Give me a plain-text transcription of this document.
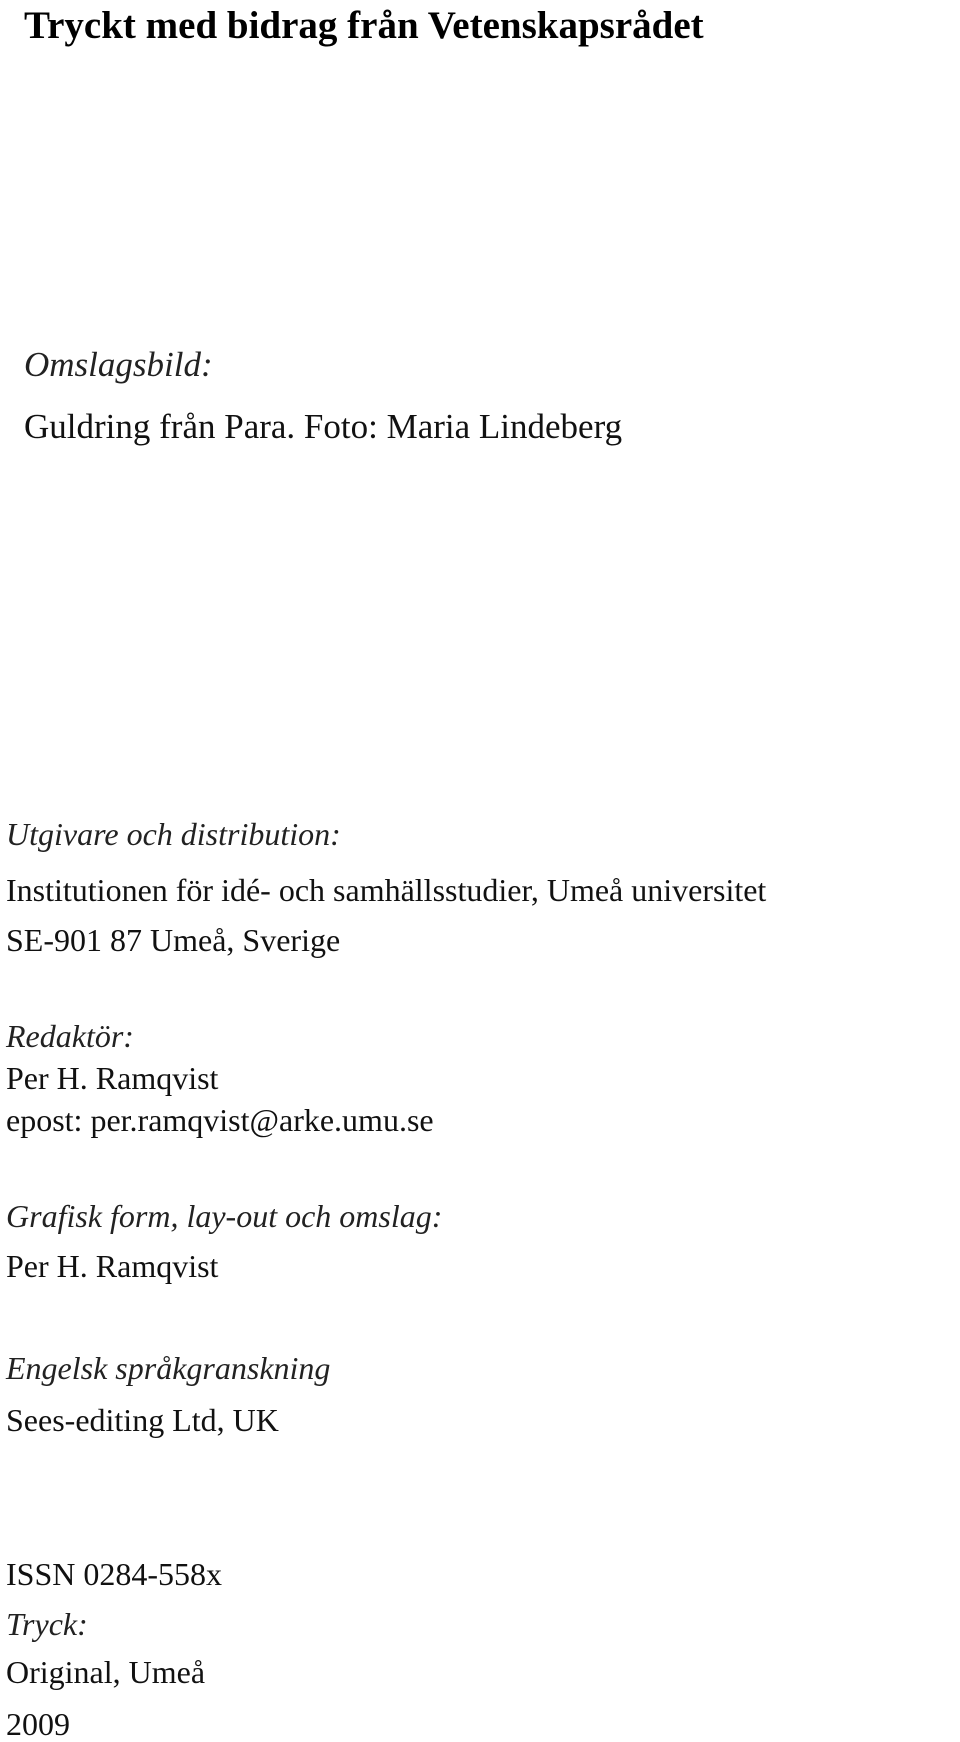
Tryckt med bidrag från Vetenskapsrådet
Omslagsbild:
Guldring från Para. Foto: Maria Lindeberg
Utgivare och distribution:
Institutionen för idé- och samhällsstudier, Umeå universitet
SE-901 87 Umeå, Sverige
Redaktör:
Per H. Ramqvist
epost: per.ramqvist@arke.umu.se
Grafisk form, lay-out och omslag:
Per H. Ramqvist
Engelsk språkgranskning
Sees-editing Ltd, UK
ISSN 0284-558x
Tryck:
Original, Umeå
2009
